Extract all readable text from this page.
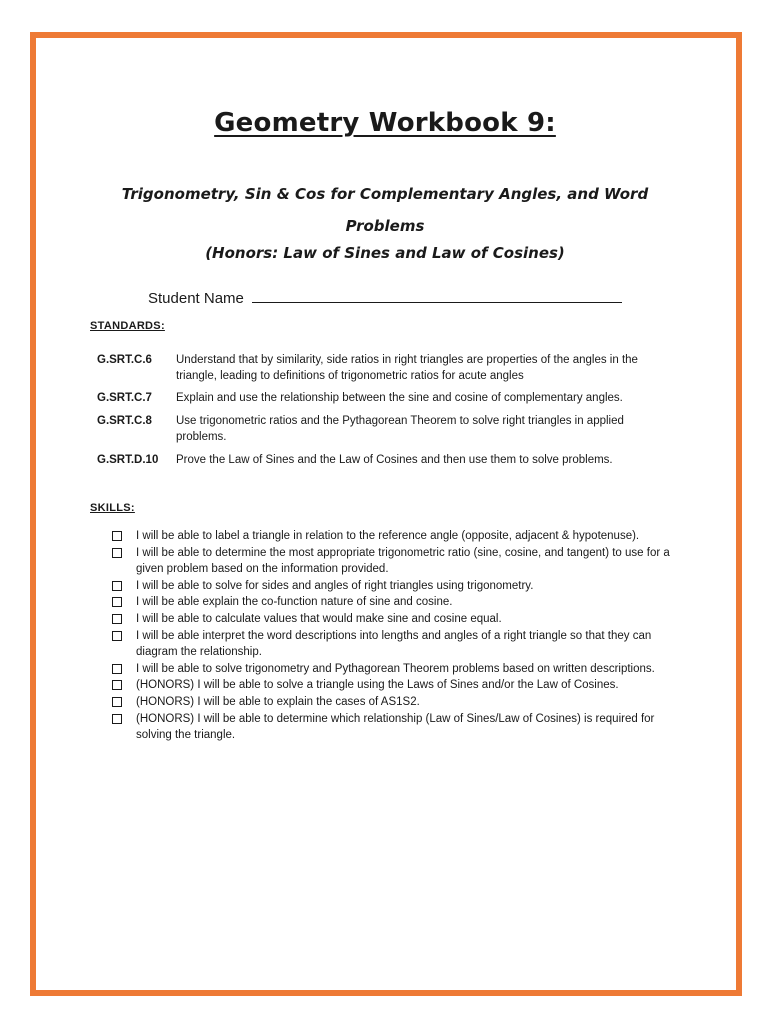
Geometry Workbook 9:
Trigonometry, Sin & Cos for Complementary Angles, and Word Problems
(Honors: Law of Sines and Law of Cosines)
Student Name
STANDARDS:
G.SRT.C.6	Understand that by similarity, side ratios in right triangles are properties of the angles in the triangle, leading to definitions of trigonometric ratios for acute angles
G.SRT.C.7	Explain and use the relationship between the sine and cosine of complementary angles.
G.SRT.C.8	Use trigonometric ratios and the Pythagorean Theorem to solve right triangles in applied problems.
G.SRT.D.10	Prove the Law of Sines and the Law of Cosines and then use them to solve problems.
SKILLS:
I will be able to label a triangle in relation to the reference angle (opposite, adjacent & hypotenuse).
I will be able to determine the most appropriate trigonometric ratio (sine, cosine, and tangent) to use for a given problem based on the information provided.
I will be able to solve for sides and angles of right triangles using trigonometry.
I will be able explain the co-function nature of sine and cosine.
I will be able to calculate values that would make sine and cosine equal.
I will be able interpret the word descriptions into lengths and angles of a right triangle so that they can diagram the relationship.
I will be able to solve trigonometry and Pythagorean Theorem problems based on written descriptions.
(HONORS) I will be able to solve a triangle using the Laws of Sines and/or the Law of Cosines.
(HONORS) I will be able to explain the cases of AS1S2.
(HONORS) I will be able to determine which relationship (Law of Sines/Law of Cosines) is required for solving the triangle.
